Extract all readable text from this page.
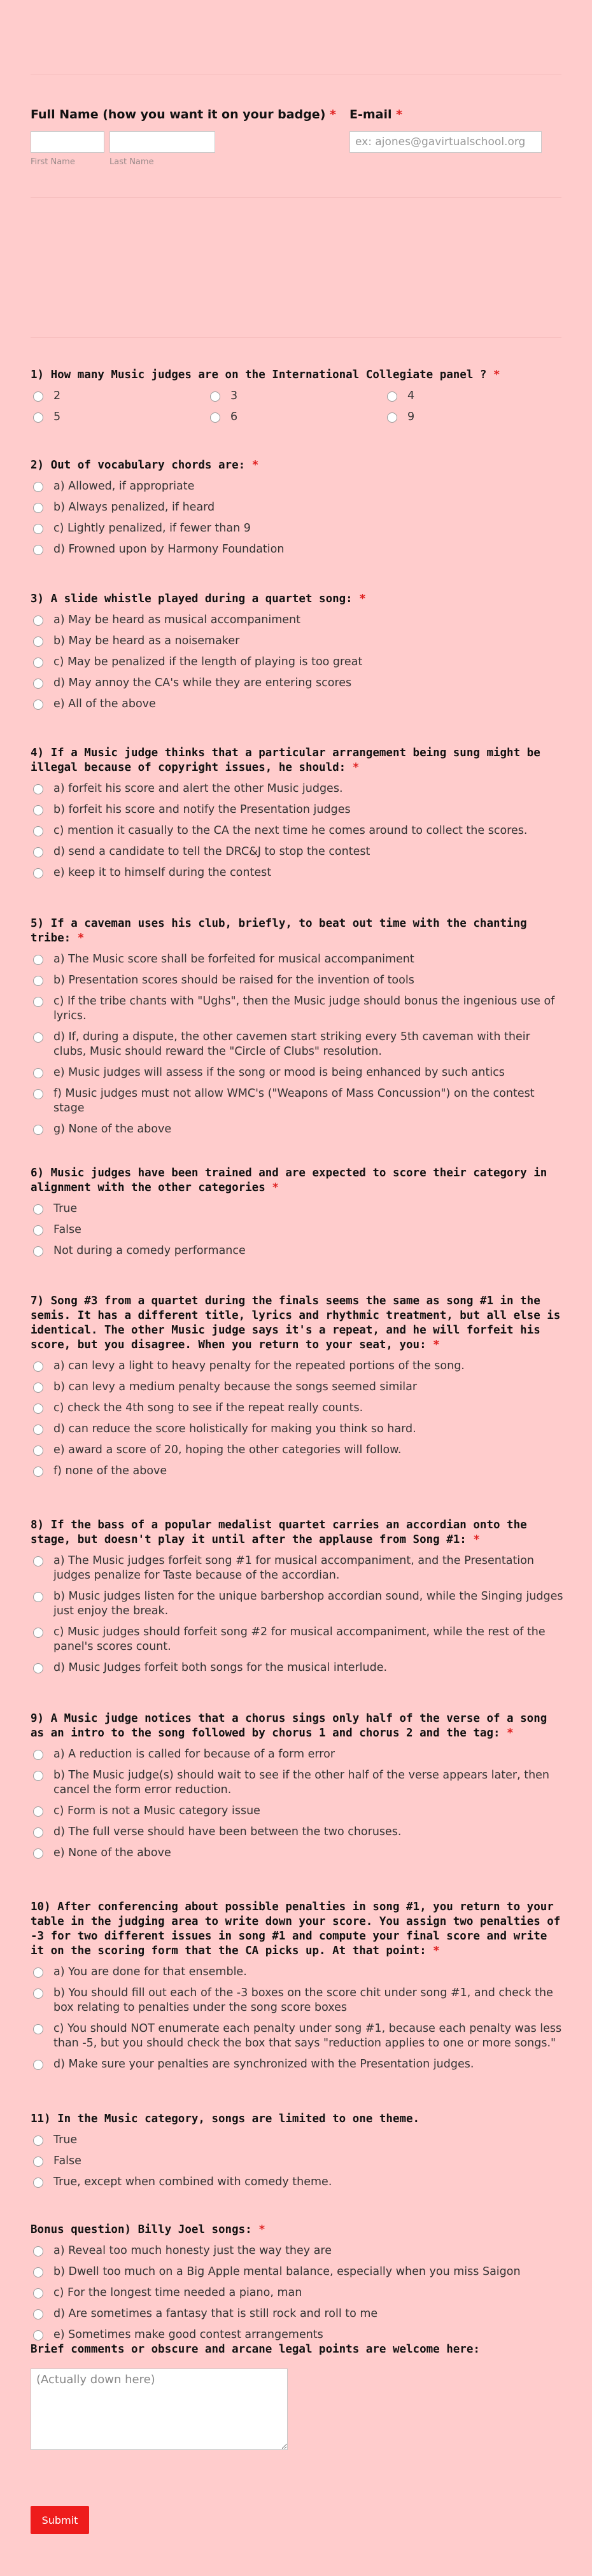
Full Name (how you want it on your badge) *
First Name	Last Name
E-mail *
ex: ajones@gavirtualschool.org
1) How many Music judges are on the International Collegiate panel ? *
2	3	4
5	6	9
2) Out of vocabulary chords are: *
a) Allowed, if appropriate
b) Always penalized, if heard
c) Lightly penalized, if fewer than 9
d) Frowned upon by Harmony Foundation
3) A slide whistle played during a quartet song: *
a) May be heard as musical accompaniment
b) May be heard as a noisemaker
c) May be penalized if the length of playing is too great
d) May annoy the CA's while they are entering scores
e) All of the above
4) If a Music judge thinks that a particular arrangement being sung might be illegal because of copyright issues, he should: *
a) forfeit his score and alert the other Music judges.
b) forfeit his score and notify the Presentation judges
c) mention it casually to the CA the next time he comes around to collect the scores.
d) send a candidate to tell the DRC&J to stop the contest
e) keep it to himself during the contest
5) If a caveman uses his club, briefly, to beat out time with the chanting tribe: *
a) The Music score shall be forfeited for musical accompaniment
b) Presentation scores should be raised for the invention of tools
c) If the tribe chants with "Ughs", then the Music judge should bonus the ingenious use of lyrics.
d) If, during a dispute, the other cavemen start striking every 5th caveman with their clubs, Music should reward the "Circle of Clubs" resolution.
e) Music judges will assess if the song or mood is being enhanced by such antics
f) Music judges must not allow WMC's ("Weapons of Mass Concussion") on the contest stage
g) None of the above
6) Music judges have been trained and are expected to score their category in alignment with the other categories *
True
False
Not during a comedy performance
7) Song #3 from a quartet during the finals seems the same as song #1 in the semis. It has a different title, lyrics and rhythmic treatment, but all else is identical. The other Music judge says it's a repeat, and he will forfeit his score, but you disagree. When you return to your seat, you: *
a) can levy a light to heavy penalty for the repeated portions of the song.
b) can levy a medium penalty because the songs seemed similar
c) check the 4th song to see if the repeat really counts.
d) can reduce the score holistically for making you think so hard.
e) award a score of 20, hoping the other categories will follow.
f) none of the above
8) If the bass of a popular medalist quartet carries an accordian onto the stage, but doesn't play it until after the applause from Song #1: *
a) The Music judges forfeit song #1 for musical accompaniment, and the Presentation judges penalize for Taste because of the accordian.
b) Music judges listen for the unique barbershop accordian sound, while the Singing judges just enjoy the break.
c) Music judges should forfeit song #2 for musical accompaniment, while the rest of the panel's scores count.
d) Music Judges forfeit both songs for the musical interlude.
9) A Music judge notices that a chorus sings only half of the verse of a song as an intro to the song followed by chorus 1 and chorus 2 and the tag: *
a) A reduction is called for because of a form error
b) The Music judge(s) should wait to see if the other half of the verse appears later, then cancel the form error reduction.
c) Form is not a Music category issue
d) The full verse should have been between the two choruses.
e) None of the above
10) After conferencing about possible penalties in song #1, you return to your table in the judging area to write down your score. You assign two penalties of -3 for two different issues in song #1 and compute your final score and write it on the scoring form that the CA picks up. At that point: *
a) You are done for that ensemble.
b) You should fill out each of the -3 boxes on the score chit under song #1, and check the box relating to penalties under the song score boxes
c) You should NOT enumerate each penalty under song #1, because each penalty was less than -5, but you should check the box that says "reduction applies to one or more songs."
d) Make sure your penalties are synchronized with the Presentation judges.
11) In the Music category, songs are limited to one theme.
True
False
True, except when combined with comedy theme.
Bonus question) Billy Joel songs: *
a) Reveal too much honesty just the way they are
b) Dwell too much on a Big Apple mental balance, especially when you miss Saigon
c) For the longest time needed a piano, man
d) Are sometimes a fantasy that is still rock and roll to me
e) Sometimes make good contest arrangements
Brief comments or obscure and arcane legal points are welcome here:
(Actually down here)
Submit
